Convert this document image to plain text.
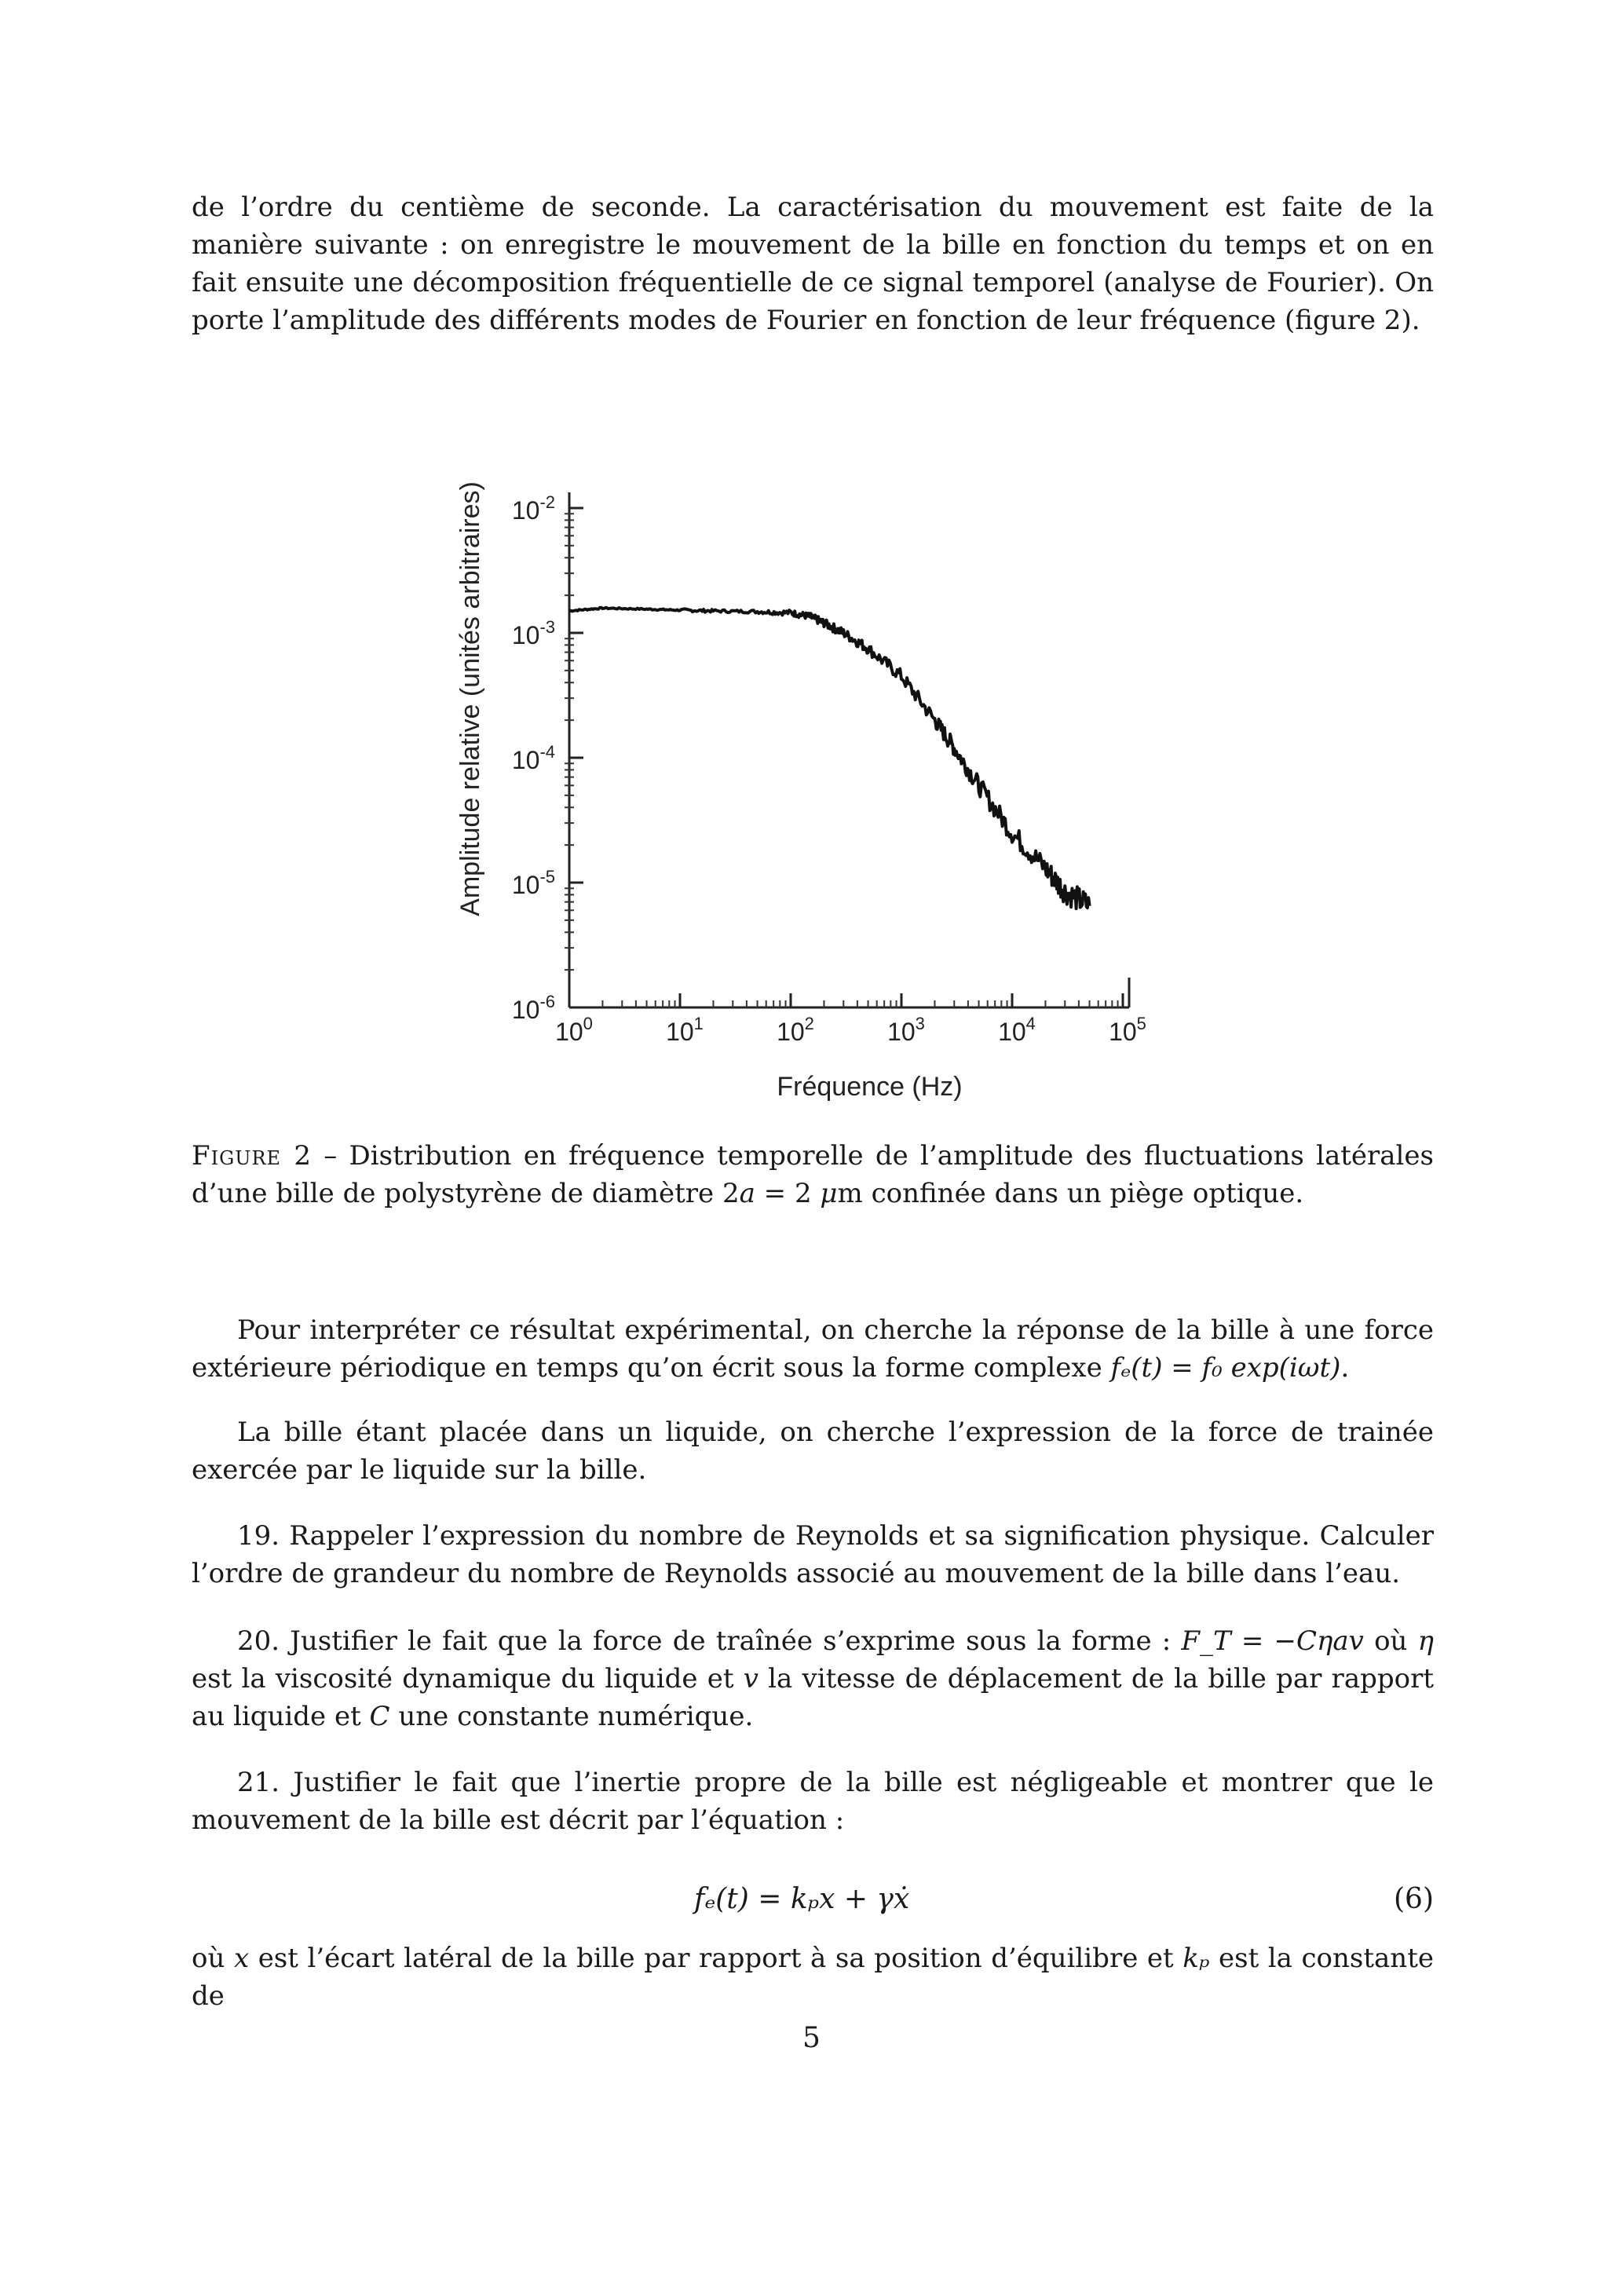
de l’ordre du centième de seconde. La caractérisation du mouvement est faite de la manière suivante : on enregistre le mouvement de la bille en fonction du temps et on en fait ensuite une décomposition fréquentielle de ce signal temporel (analyse de Fourier). On porte l’amplitude des différents modes de Fourier en fonction de leur fréquence (figure 2).
$10^{-2}$
$10^{-3}$
$10^{-4}$
$10^{-5}$
$10^{-6}$
$10^0$	$10^1$	$10^2$	$10^3$	$10^4$	$10^5$
Fréquence (Hz)
Amplitude relative (unités arbitraires)
Figure 2 – Distribution en fréquence temporelle de l’amplitude des fluctuations latérales d’une bille de polystyrène de diamètre 2a = 2 μm confinée dans un piège optique.
Pour interpréter ce résultat expérimental, on cherche la réponse de la bille à une force extérieure périodique en temps qu’on écrit sous la forme complexe fₑ(t) = f₀ exp(iωt).
La bille étant placée dans un liquide, on cherche l’expression de la force de trainée exercée par le liquide sur la bille.
19. Rappeler l’expression du nombre de Reynolds et sa signification physique. Calculer l’ordre de grandeur du nombre de Reynolds associé au mouvement de la bille dans l’eau.
20. Justifier le fait que la force de traînée s’exprime sous la forme : F_T = −Cηav où η est la viscosité dynamique du liquide et v la vitesse de déplacement de la bille par rapport au liquide et C une constante numérique.
21. Justifier le fait que l’inertie propre de la bille est négligeable et montrer que le mouvement de la bille est décrit par l’équation :
fₑ(t) = kₚx + γẋ	(6)
où x est l’écart latéral de la bille par rapport à sa position d’équilibre et kₚ est la constante de
5
